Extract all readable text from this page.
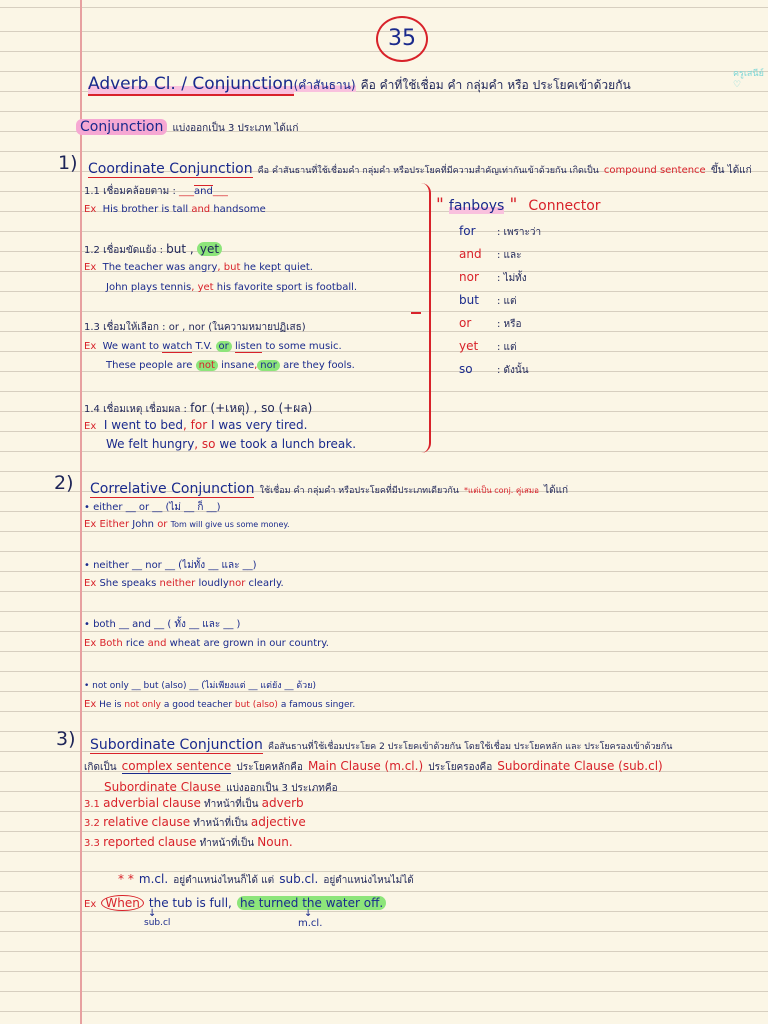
35
ครูเสนีย์ ♡
Adverb Cl. / Conjunction(คำสันธาน) คือ คำที่ใช้เชื่อม คำ กลุ่มคำ หรือ ประโยคเข้าด้วยกัน
Conjunction แบ่งออกเป็น 3 ประเภท ได้แก่
1) Coordinate Conjunction คือ คำสันธานที่ใช้เชื่อมคำ กลุ่มคำ หรือประโยคที่มีความสำคัญเท่ากันเข้าด้วยกัน เกิดเป็น compound sentence ขึ้น ได้แก่
1.1 เชื่อมคล้อยตาม : ___and___
Ex His brother is tall and handsome
1.2 เชื่อมขัดแย้ง : but , yet
Ex The teacher was angry, but he kept quiet.
John plays tennis, yet his favorite sport is football.
1.3 เชื่อมให้เลือก : or , nor (ในความหมายปฏิเสธ)
Ex We want to watch T.V. or listen to some music.
These people are not insane, nor are they fools.
1.4 เชื่อมเหตุ เชื่อมผล : for (+เหตุ) , so (+ผล)
Ex I went to bed, for I was very tired.
We felt hungry, so we took a lunch break.
" fanboys " Connector
for : เพราะว่า
and : และ
nor : ไม่ทั้ง
but : แต่
or	: หรือ
yet : แต่
so : ดังนั้น
2) Correlative Conjunction ใช้เชื่อม คำ กลุ่มคำ หรือประโยคที่มีประเภทเดียวกัน *แต่เป็น conj. คู่เสมอ ได้แก่
• either __ or __ (ไม่ __ ก็ __)
Ex Either John or Tom will give us some money.
• neither __ nor __ (ไม่ทั้ง __ และ __)
Ex She speaks neither loudlynor clearly.
• both __ and __ ( ทั้ง __ และ __ )
Ex Both rice and wheat are grown in our country.
• not only __ but (also) __ (ไม่เพียงแต่ __ แต่ยัง __ ด้วย)
Ex He is not only a good teacher but (also) a famous singer.
3) Subordinate Conjunction คือสันธานที่ใช้เชื่อมประโยค 2 ประโยคเข้าด้วยกัน โดยใช้เชื่อม ประโยคหลัก และ ประโยครองเข้าด้วยกัน
เกิดเป็น complex sentence ประโยคหลักคือ Main Clause (m.cl.) ประโยครองคือ Subordinate Clause (sub.cl)
Subordinate Clause แบ่งออกเป็น 3 ประเภทคือ
3.1 adverbial clause ทำหน้าที่เป็น adverb
3.2 relative clause ทำหน้าที่เป็น adjective
3.3 reported clause ทำหน้าที่เป็น Noun.
* * m.cl. อยู่ตำแหน่งไหนก็ได้ แต่ sub.cl. อยู่ตำแหน่งไหนไม่ได้
Ex When the tub is full, he turned the water off.
↓
sub.cl
↓
m.cl.
